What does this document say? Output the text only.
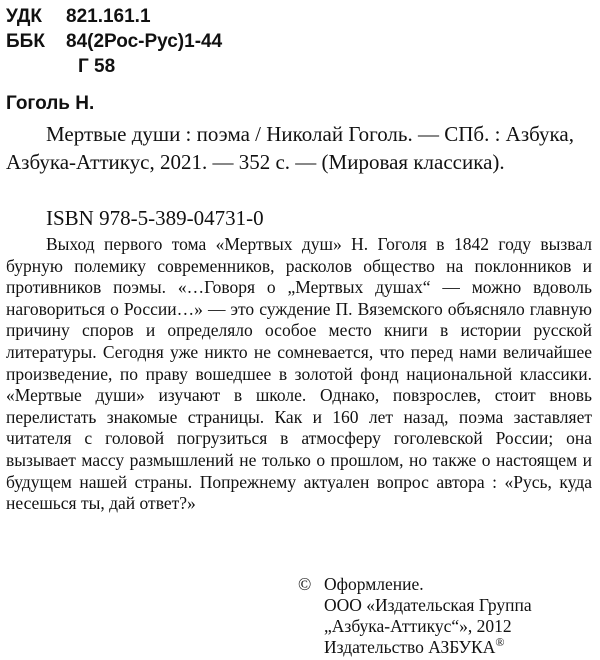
УДК	821.161.1
ББК	84(2Рос-Рус)1-44
Г 58
Гоголь Н.
Мертвые души : поэма / Николай Гоголь. — СПб. : Азбука, Азбука-Аттикус, 2021. — 352 с. — (Мировая классика).
ISBN 978-5-389-04731-0
Выход первого тома «Мертвых душ» Н. Гоголя в 1842 году вызвал бурную полемику современников, расколов общество на поклонников и противников поэмы. «…Говоря о „Мертвых душах“ — можно вдоволь наговориться о России…» — это суждение П. Вяземского объясняло главную причину споров и определяло особое место книги в истории русской литературы. Сегодня уже никто не сомневается, что перед нами величайшее произведение, по праву вошедшее в золотой фонд национальной классики. «Мертвые души» изучают в школе. Однако, повзрослев, стоит вновь перелистать знакомые страницы. Как и 160 лет назад, поэма заставляет читателя с головой погрузиться в атмосферу гоголевской России; она вызывает массу размышлений не только о прошлом, но также о настоящем и будущем нашей страны. Попрежнему актуален вопрос автора : «Русь, куда несешься ты, дай ответ?»
© Оформление.
ООО «Издательская Группа
„Азбука-Аттикус“», 2012
Издательство АЗБУКА®
